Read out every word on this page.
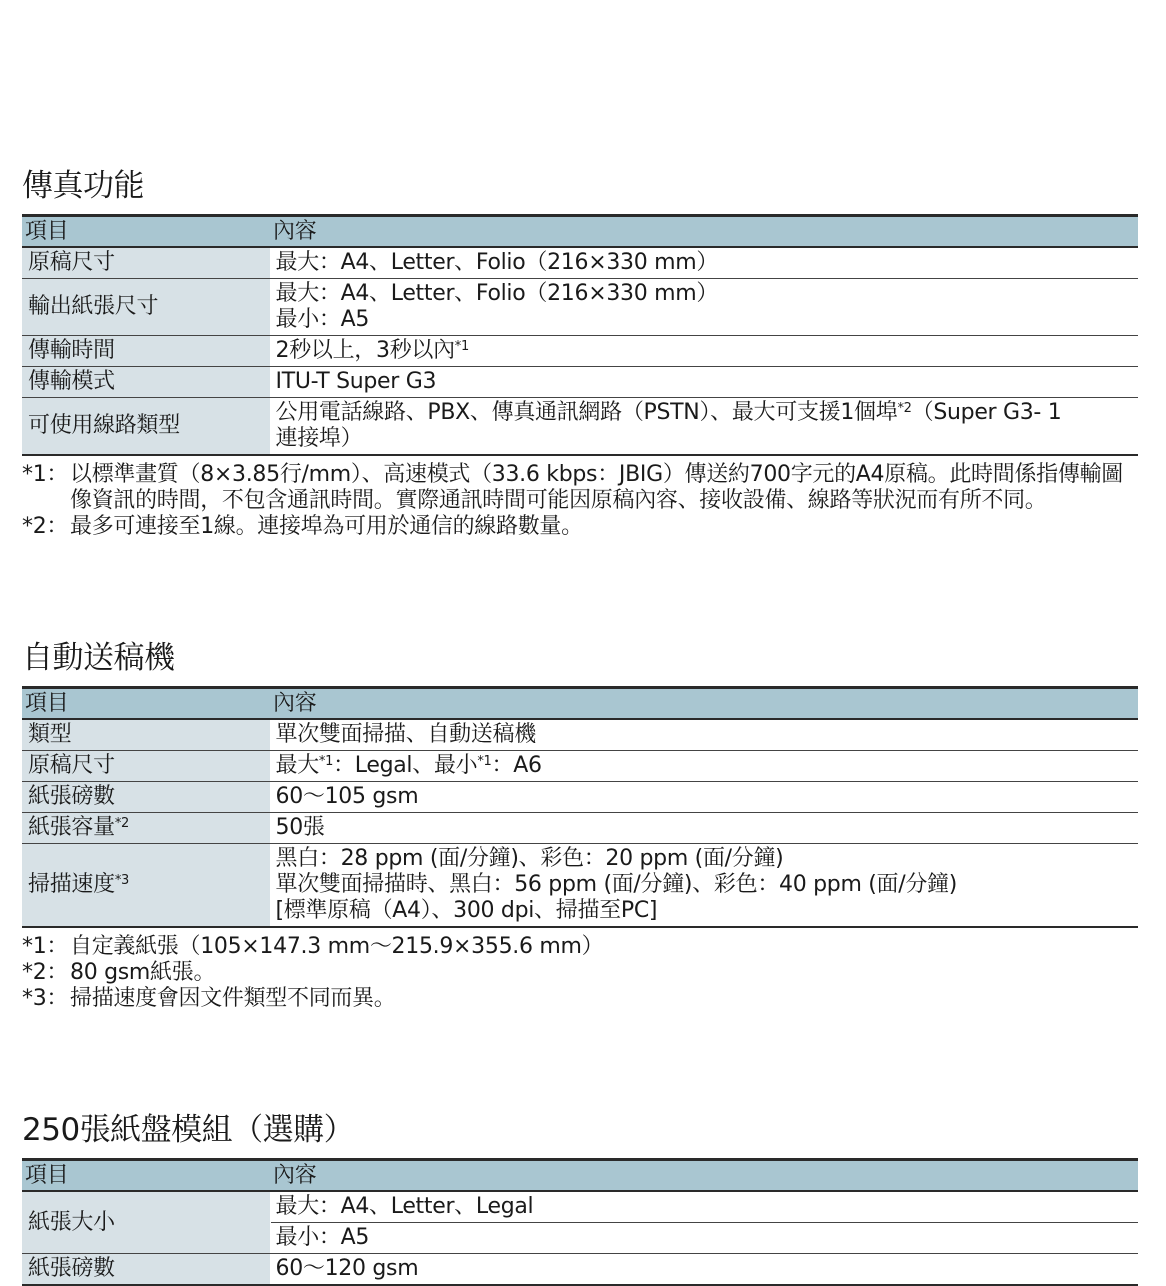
傳真功能
項目	內容
原稿尺寸	最大：A4、Letter、Folio（216×330 mm）
輸出紙張尺寸	最大：A4、Letter、Folio（216×330 mm）
最小：A5

傳輸時間	2秒以上，3秒以內$^{*1}$
傳輸模式	ITU-T Super G3
可使用線路類型	公用電話線路、PBX、傳真通訊網路（PSTN）、最大可支援1個埠$^{*2}$（Super G3- 1
連接埠）
*1： 以標準畫質（8×3.85行/mm）、高速模式（33.6 kbps：JBIG）傳送約700字元的A4原稿。此時間係指傳輸圖像資訊的時間，不包含通訊時間。實際通訊時間可能因原稿內容、接收設備、線路等狀況而有所不同。
*2： 最多可連接至1線。連接埠為可用於通信的線路數量。
自動送稿機
項目	內容
類型	單次雙面掃描、自動送稿機
原稿尺寸	最大$^{*1}$：Legal、最小$^{*1}$：A6
紙張磅數	60～105 gsm
紙張容量$^{*2}$	50張
掃描速度$^{*3}$	黑白：28 ppm (面/分鐘)、彩色：20 ppm (面/分鐘)
單次雙面掃描時、黑白：56 ppm (面/分鐘)、彩色：40 ppm (面/分鐘)
[標準原稿（A4）、300 dpi、掃描至PC]
*1： 自定義紙張（105×147.3 mm～215.9×355.6 mm）
*2： 80 gsm紙張。
*3： 掃描速度會因文件類型不同而異。
250張紙盤模組（選購）
項目	內容
紙張大小	最大：A4、Letter、Legal
	最小：A5
紙張磅數	60～120 gsm
